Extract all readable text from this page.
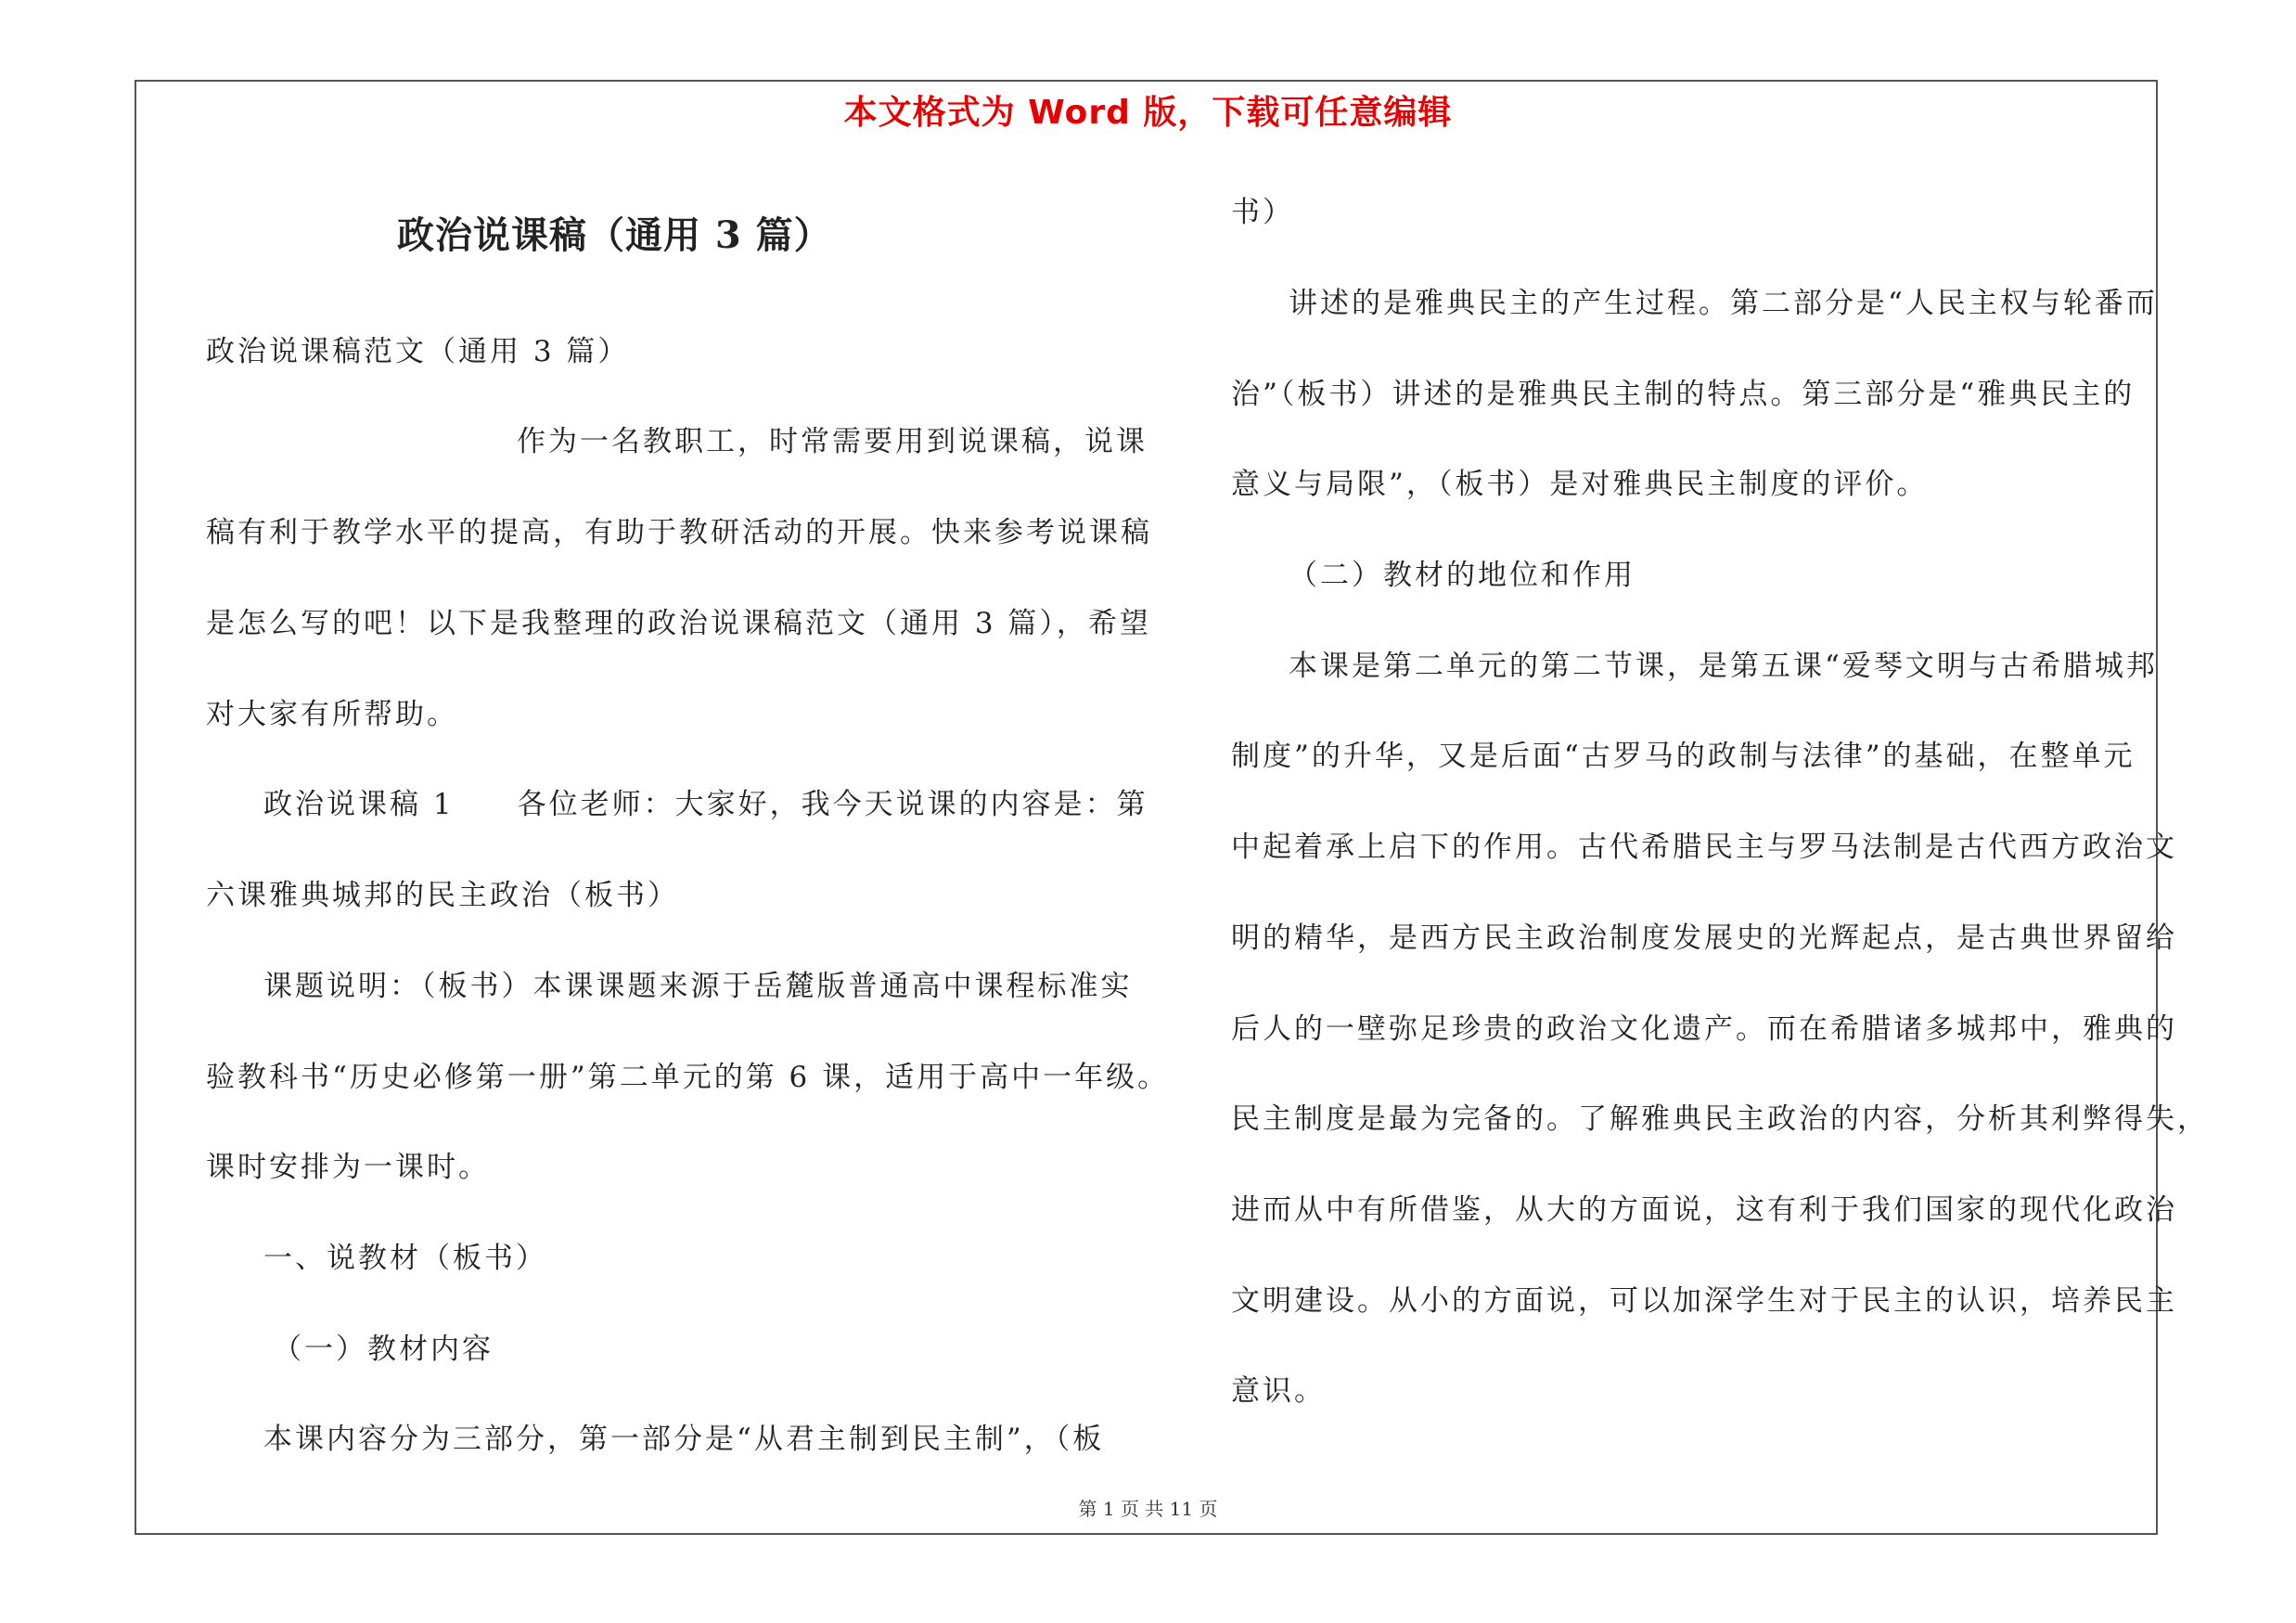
本文格式为 Word 版，下载可任意编辑
政治说课稿（通用 3 篇）
政治说课稿范文（通用 3 篇）
作为一名教职工，时常需要用到说课稿，说课
稿有利于教学水平的提高，有助于教研活动的开展。快来参考说课稿
是怎么写的吧！以下是我整理的政治说课稿范文（通用 3 篇），希望
对大家有所帮助。
政治说课稿 1　　各位老师：大家好，我今天说课的内容是：第
六课雅典城邦的民主政治（板书）
课题说明：（板书）本课课题来源于岳麓版普通高中课程标准实
验教科书“历史必修第一册”第二单元的第 6 课，适用于高中一年级。
课时安排为一课时。
一、说教材（板书）
（一）教材内容
本课内容分为三部分，第一部分是“从君主制到民主制”，（板
书）
讲述的是雅典民主的产生过程。第二部分是“人民主权与轮番而
治”（板书）讲述的是雅典民主制的特点。第三部分是“雅典民主的
意义与局限”，（板书）是对雅典民主制度的评价。
（二）教材的地位和作用
本课是第二单元的第二节课，是第五课“爱琴文明与古希腊城邦
制度”的升华，又是后面“古罗马的政制与法律”的基础，在整单元
中起着承上启下的作用。古代希腊民主与罗马法制是古代西方政治文
明的精华，是西方民主政治制度发展史的光辉起点，是古典世界留给
后人的一壁弥足珍贵的政治文化遗产。而在希腊诸多城邦中，雅典的
民主制度是最为完备的。了解雅典民主政治的内容，分析其利弊得失，
进而从中有所借鉴，从大的方面说，这有利于我们国家的现代化政治
文明建设。从小的方面说，可以加深学生对于民主的认识，培养民主
意识。
第 1 页 共 11 页
